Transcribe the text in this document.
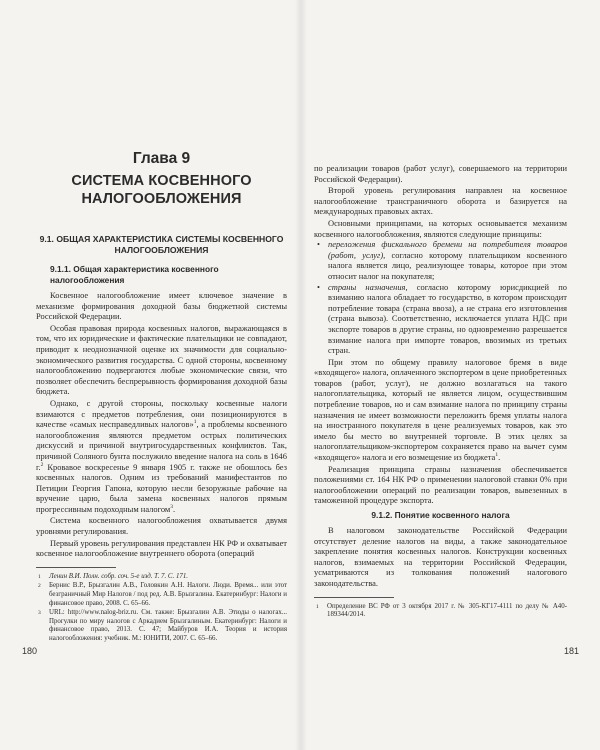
Глава 9
СИСТЕМА КОСВЕННОГО НАЛОГООБЛОЖЕНИЯ
9.1. ОБЩАЯ ХАРАКТЕРИСТИКА СИСТЕМЫ КОСВЕННОГО НАЛОГООБЛОЖЕНИЯ
9.1.1. Общая характеристика косвенного налогообложения

Косвенное налогообложение имеет ключевое значение в механизме формирования доходной базы бюджетной системы Российской Федерации.

Особая правовая природа косвенных налогов, выражающаяся в том, что их юридические и фактические плательщики не совпадают, приводит к неоднозначной оценке их значимости для социально-экономического развития государства. С одной стороны, косвенному налогообложению подвергаются любые экономические связи, что позволяет обеспечить беспрерывность формирования доходной базы бюджета.

Однако, с другой стороны, поскольку косвенные налоги взимаются с предметов потребления, они позиционируются в качестве «самых несправедливых налогов»$^1$, а проблемы косвенного налогообложения являются предметом острых политических дискуссий и причиной внутригосударственных конфликтов. Так, причиной Соляного бунта послужило введение налога на соль в 1646 г.$^2$ Кровавое воскресенье 9 января 1905 г. также не обошлось без косвенных налогов. Одним из требований манифестантов по Петиции Георгия Гапона, которую несли безоружные рабочие на вручение царю, была замена косвенных налогов прямым прогрессивным подоходным налогом$^3$.

Система косвенного налогообложения охватывается двумя уровнями регулирования.

Первый уровень регулирования представлен НК РФ и охватывает косвенное налогообложение внутреннего оборота (операций

1 Ленин В.И. Полн. собр. соч. 5-е изд. Т. 7. С. 171.
2 Бернис В.Р., Брызгалин А.В., Головкин А.Н. Налоги. Люди. Время... или этот безграничный Мир Налогов / под ред. А.В. Брызгалина. Екатеринбург: Налоги и финансовое право, 2008. С. 65–66.
3 URL: http://www.nalog-briz.ru. См. также: Брызгалин А.В. Этюды о налогах... Прогулки по миру налогов с Аркадием Брызгалиным. Екатеринбург: Налоги и финансовое право, 2013. С. 47; Майбуров И.А. Теория и история налогообложения: учебник. М.: ЮНИТИ, 2007. С. 65–66.
180	181

по реализации товаров (работ услуг), совершаемого на территории Российской Федерации).

Второй уровень регулирования направлен на косвенное налогообложение трансграничного оборота и базируется на международных правовых актах.

Основными принципами, на которых основывается механизм косвенного налогообложения, являются следующие принципы:

• переложения фискального бремени на потребителя товаров (работ, услуг), согласно которому плательщиком косвенного налога является лицо, реализующее товары, которое при этом относит налог на покупателя;
• страны назначения, согласно которому юрисдикцией по взиманию налога обладает то государство, в котором происходит потребление товара (страна ввоза), а не страна его изготовления (страна вывоза). Соответственно, исключается уплата НДС при экспорте товаров в другие страны, но одновременно разрешается взимание налога при импорте товаров, ввозимых из третьих стран.

При этом по общему правилу налоговое бремя в виде «входящего» налога, оплаченного экспортером в цене приобретенных товаров (работ, услуг), не должно возлагаться на такого налогоплательщика, который не является лицом, осуществившим потребление товаров, но и сам взимание налога по принципу страны назначения не имеет возможности переложить бремя уплаты налога на иностранного покупателя в цене реализуемых товаров, как это имело бы место во внутренней торговле. В этих целях за налогоплательщиком-экспортером сохраняется право на вычет сумм «входящего» налога и его возмещение из бюджета$^1$.

Реализация принципа страны назначения обеспечивается положениями ст. 164 НК РФ о применении налоговой ставки 0% при налогообложении операций по реализации товаров, вывезенных в таможенной процедуре экспорта.

9.1.2. Понятие косвенного налога

В налоговом законодательстве Российской Федерации отсутствует деление налогов на виды, а также законодательное закрепление понятия косвенных налогов. Конструкции косвенных налогов, взимаемых на территории Российской Федерации, усматриваются из толкования положений налогового законодательства.

1 Определение ВС РФ от 3 октября 2017 г. № 305-КГ17-4111 по делу № А40-189344/2014.
